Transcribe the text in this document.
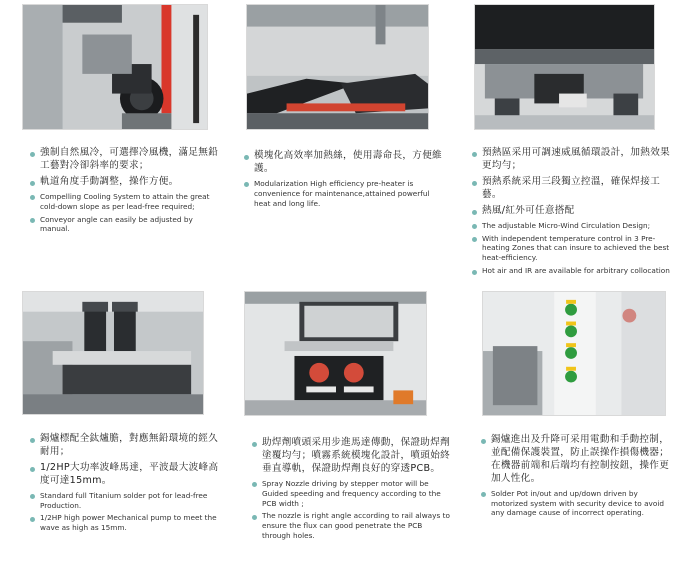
強制自然風冷，可選擇冷風機，滿足無鉛工藝對冷卻斜率的要求；
軌道角度手動調整，操作方便。
Compelling Cooling System to attain the great cold-down slope as per lead-free required;
Conveyor angle can easily be adjusted by manual.
模塊化高效率加熱絲，使用壽命長，方便維護。
Modularization High efficiency pre-heater is convenience for maintenance,attained powerful heat and long life.
預熱區采用可調速威風循環設計，加熱效果更均勻；
預熱系統采用三段獨立控溫，確保焊接工藝。
熱風/紅外可任意搭配
The adjustable Micro-Wind Circulation Design;
With independent temperature control in 3 Pre-heating Zones that can insure to achieved the best heat-efficiency.
Hot air and IR are available for arbitrary collocation
錫爐標配全鈦爐膽，對應無鉛環境的經久耐用；
1/2HP大功率波峰馬達，平波最大波峰高度可達15mm。
Standard full Titanium solder pot for lead-free Production.
1/2HP high power Mechanical pump to meet the wave as high as 15mm.
助焊劑噴頭采用步進馬達傳動，保證助焊劑塗覆均勻；噴霧系統模塊化設計，噴頭始終垂直導軌，保證助焊劑良好的穿透PCB。
Spray Nozzle driving by stepper motor will be Guided speeding and frequency according to the PCB width ;
The nozzle is right angle according to rail always to ensure the flux can good penetrate the PCB through holes.
錫爐進出及升降可采用電動和手動控制，並配備保護裝置，防止誤操作損傷機器；在機器前端和后端均有控制按鈕，操作更加人性化。
Solder Pot in/out and up/down driven by motorized system with security device to avoid any damage cause of incorrect operating.
